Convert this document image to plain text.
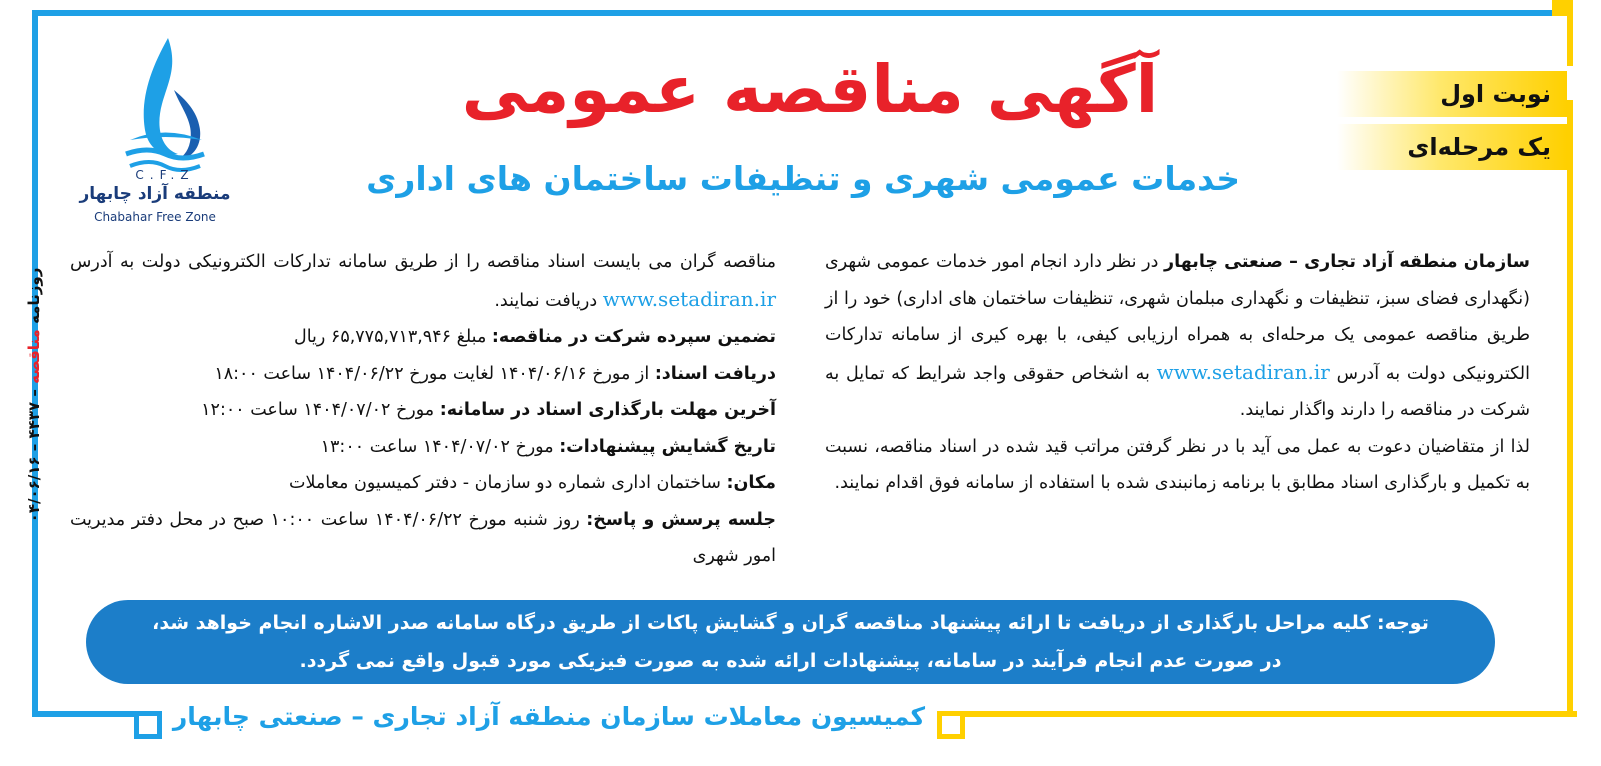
C.F.Z
منطقه آزاد چابهار
Chabahar Free Zone
روزنامه مناقصه – ۴۴۳۷ – ۰۴/۰۶/۱۶
آگهی مناقصه عمومی
خدمات عمومی شهری و تنظیفات ساختمان های اداری
نوبت اول
یک مرحله‌ای

سازمان منطقه آزاد تجاری – صنعتی چابهار در نظر دارد انجام امور خدمات عمومی شهری (نگهداری فضای سبز، تنظیفات و نگهداری مبلمان شهری، تنظیفات ساختمان های اداری) خود را از طریق مناقصه عمومی یک مرحله‌ای به همراه ارزیابی کیفی، با بهره کیری از سامانه تدارکات الکترونیکی دولت به آدرس www.setadiran.ir به اشخاص حقوقی واجد شرایط که تمایل به شرکت در مناقصه را دارند واگذار نمایند.

لذا از متقاضیان دعوت به عمل می آید با در نظر گرفتن مراتب قید شده در اسناد مناقصه، نسبت به تکمیل و بارگذاری اسناد مطابق با برنامه زمانبندی شده با استفاده از سامانه فوق اقدام نمایند.

مناقصه گران می بایست اسناد مناقصه را از طریق سامانه تدارکات الکترونیکی دولت به آدرس www.setadiran.ir دریافت نمایند.

تضمین سپرده شرکت در مناقصه: مبلغ ۶۵,۷۷۵,۷۱۳,۹۴۶ ریال

دریافت اسناد: از مورخ ۱۴۰۴/۰۶/۱۶ لغایت مورخ ۱۴۰۴/۰۶/۲۲ ساعت ۱۸:۰۰

آخرین مهلت بارگذاری اسناد در سامانه: مورخ ۱۴۰۴/۰۷/۰۲ ساعت ۱۲:۰۰

تاریخ گشایش پیشنهادات: مورخ ۱۴۰۴/۰۷/۰۲ ساعت ۱۳:۰۰

مکان: ساختمان اداری شماره دو سازمان - دفتر کمیسیون معاملات

جلسه پرسش و پاسخ: روز شنبه مورخ ۱۴۰۴/۰۶/۲۲ ساعت ۱۰:۰۰ صبح در محل دفتر مدیریت امور شهری

توجه: کلیه مراحل بارگذاری از دریافت تا ارائه پیشنهاد مناقصه گران و گشایش پاکات از طریق درگاه سامانه صدر الاشاره انجام خواهد شد،

در صورت عدم انجام فرآیند در سامانه، پیشنهادات ارائه شده به صورت فیزیکی مورد قبول واقع نمی گردد.

کمیسیون معاملات سازمان منطقه آزاد تجاری – صنعتی چابهار
